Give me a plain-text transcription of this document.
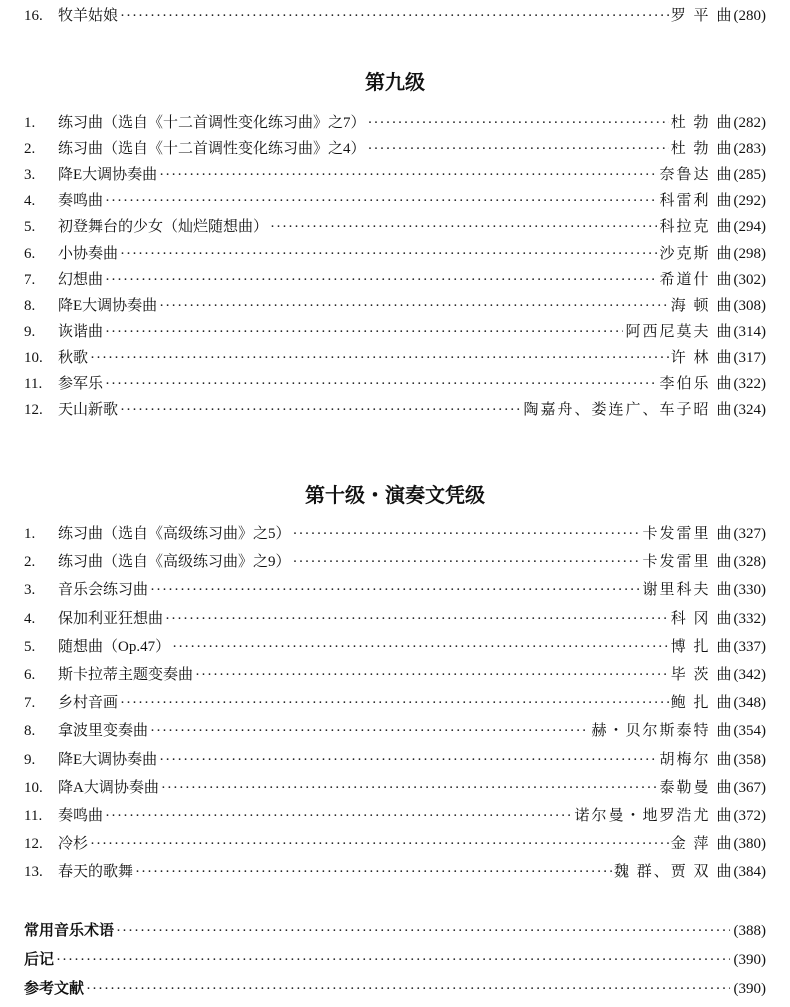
16.	牧羊姑娘 ·····	罗 平 曲 (280)
第九级
1.	练习曲（选自《十二首调性变化练习曲》之7） ·····	杜 勃 曲 (282)
2.	练习曲（选自《十二首调性变化练习曲》之4） ·····	杜 勃 曲 (283)
3.	降E大调协奏曲 ·····	奈鲁达 曲 (285)
4.	奏鸣曲 ·····	科雷利 曲 (292)
5.	初登舞台的少女（灿烂随想曲） ·····	科拉克 曲 (294)
6.	小协奏曲 ·····	沙克斯 曲 (298)
7.	幻想曲 ·····	希道什 曲 (302)
8.	降E大调协奏曲 ·····	海 顿 曲 (308)
9.	诙谐曲 ·····	阿西尼莫夫 曲 (314)
10.	秋歌 ·····	许 林 曲 (317)
11.	参军乐 ·····	李伯乐 曲 (322)
12.	天山新歌 ·····	陶嘉舟、娄连广、车子昭 曲 (324)
第十级・演奏文凭级
1.	练习曲（选自《高级练习曲》之5） ·····	卡发雷里 曲 (327)
2.	练习曲（选自《高级练习曲》之9） ·····	卡发雷里 曲 (328)
3.	音乐会练习曲 ·····	谢里科夫 曲 (330)
4.	保加利亚狂想曲 ·····	科 冈 曲 (332)
5.	随想曲（Op.47） ·····	博 扎 曲 (337)
6.	斯卡拉蒂主题变奏曲 ·····	毕 茨 曲 (342)
7.	乡村音画 ·····	鲍 扎 曲 (348)
8.	拿波里变奏曲 ·····	赫・贝尔斯泰特 曲 (354)
9.	降E大调协奏曲 ·····	胡梅尔 曲 (358)
10.	降A大调协奏曲 ·····	泰勒曼 曲 (367)
11.	奏鸣曲 ·····	诺尔曼・地罗浩尤 曲 (372)
12.	冷杉 ·····	金 萍 曲 (380)
13.	春天的歌舞 ·····	魏 群、贾 双 曲 (384)
常用音乐术语 ·····	(388)
后记 ·····	(390)
参考文献 ·····	(390)
